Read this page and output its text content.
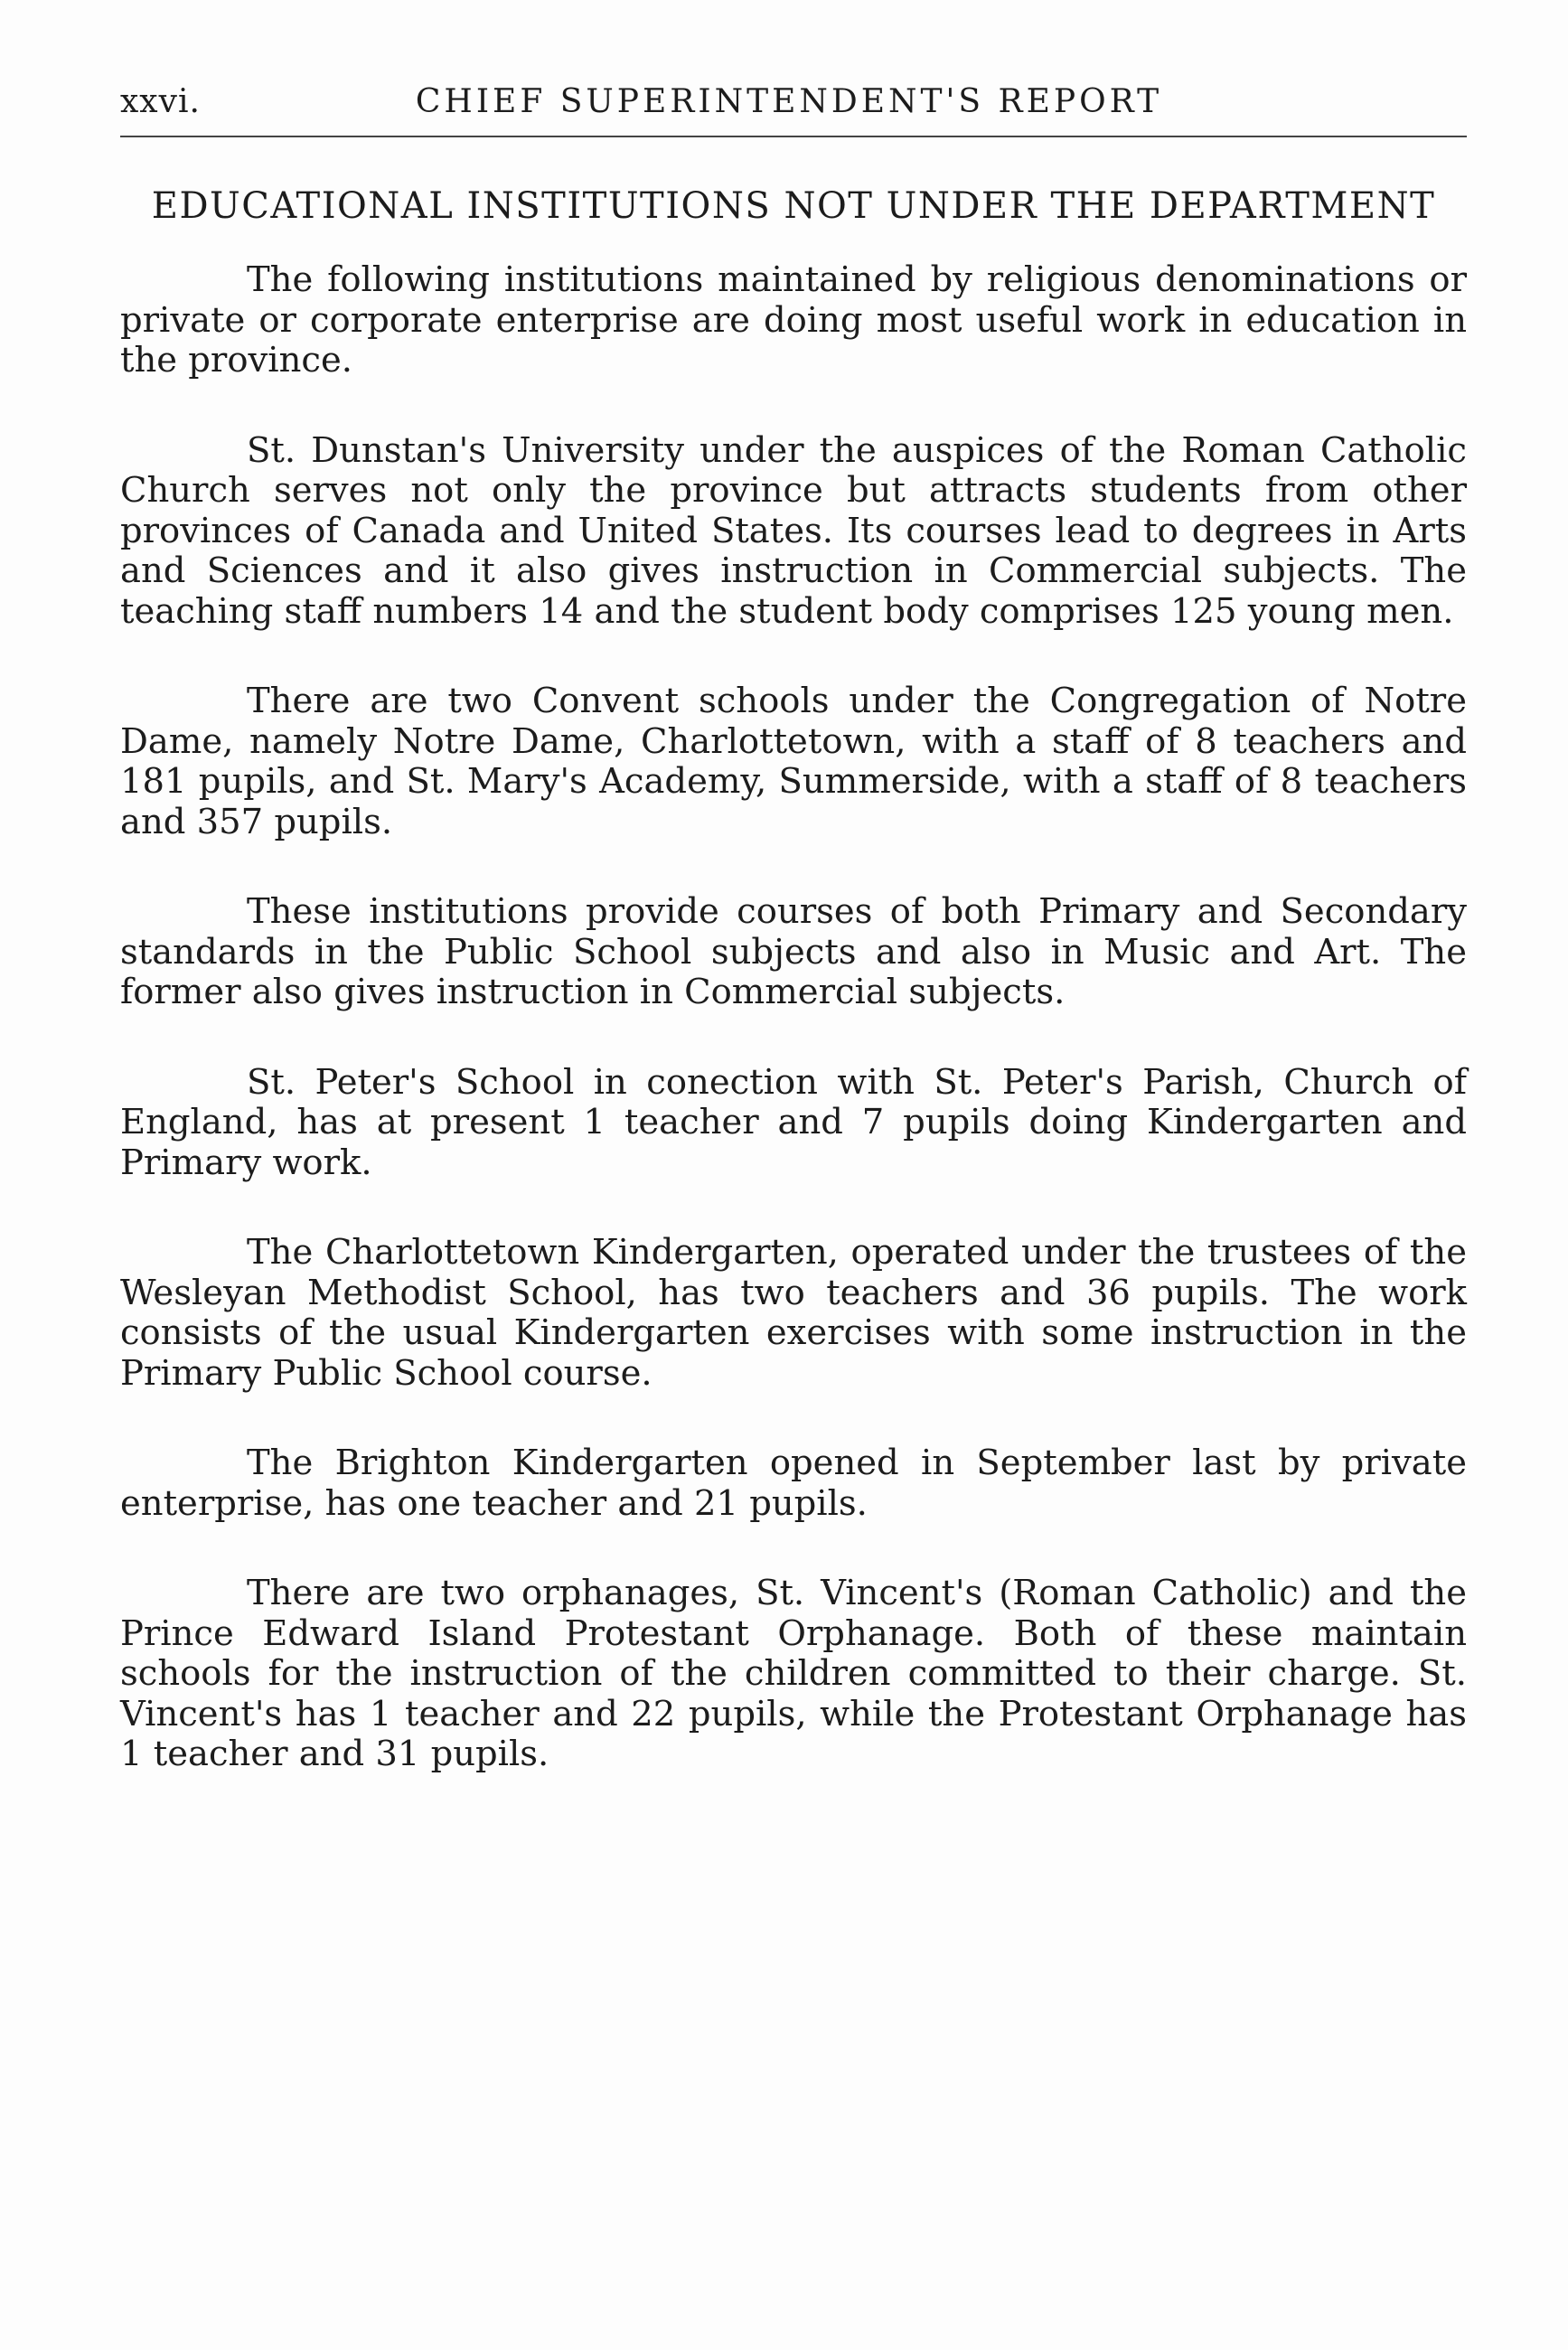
xxvi.	CHIEF SUPERINTENDENT'S REPORT
EDUCATIONAL INSTITUTIONS NOT UNDER THE DEPARTMENT

The following institutions maintained by religious denominations or private or corporate enterprise are doing most useful work in education in the province.

St. Dunstan's University under the auspices of the Roman Catholic Church serves not only the province but attracts students from other provinces of Canada and United States. Its courses lead to degrees in Arts and Sciences and it also gives instruction in Commercial subjects. The teaching staff numbers 14 and the student body comprises 125 young men.

There are two Convent schools under the Congregation of Notre Dame, namely Notre Dame, Charlottetown, with a staff of 8 teachers and 181 pupils, and St. Mary's Academy, Summerside, with a staff of 8 teachers and 357 pupils.

These institutions provide courses of both Primary and Secondary standards in the Public School subjects and also in Music and Art. The former also gives instruction in Commercial subjects.

St. Peter's School in conection with St. Peter's Parish, Church of England, has at present 1 teacher and 7 pupils doing Kindergarten and Primary work.

The Charlottetown Kindergarten, operated under the trustees of the Wesleyan Methodist School, has two teachers and 36 pupils. The work consists of the usual Kindergarten exercises with some instruction in the Primary Public School course.

The Brighton Kindergarten opened in September last by private enterprise, has one teacher and 21 pupils.

There are two orphanages, St. Vincent's (Roman Catholic) and the Prince Edward Island Protestant Orphanage. Both of these maintain schools for the instruction of the children committed to their charge. St. Vincent's has 1 teacher and 22 pupils, while the Protestant Orphanage has 1 teacher and 31 pupils.
